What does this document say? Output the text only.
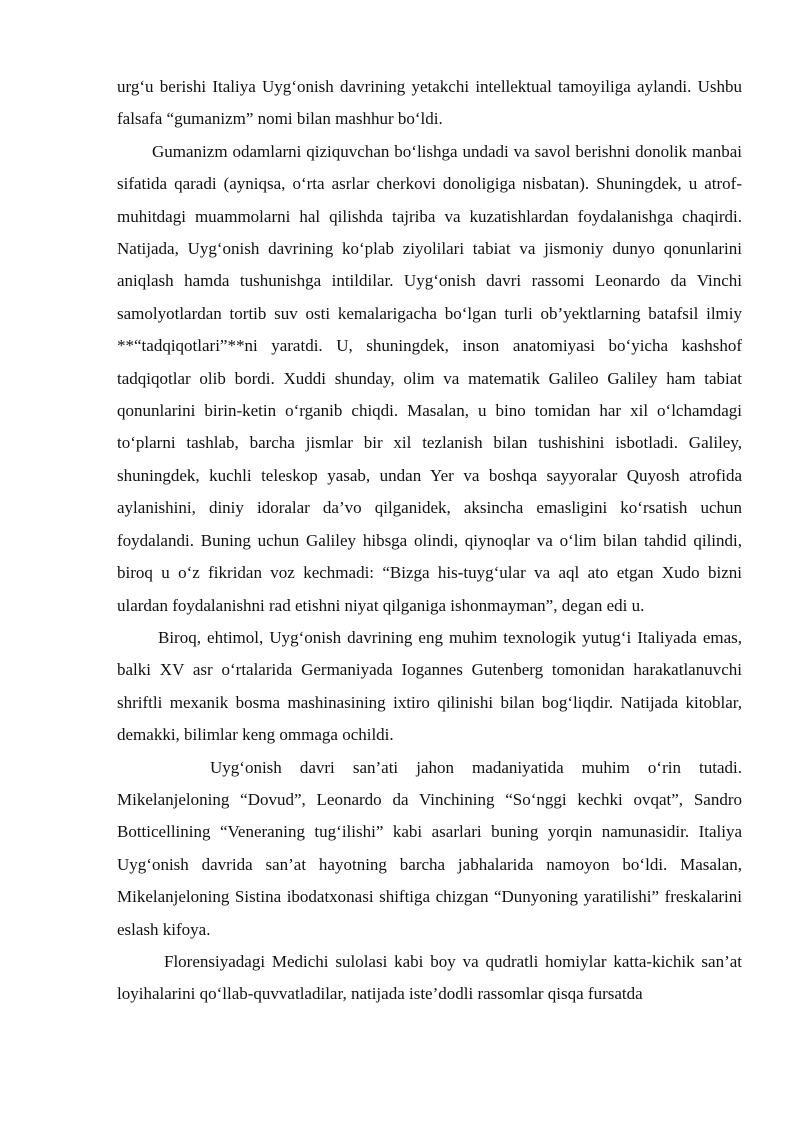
urg‘u berishi Italiya Uyg‘onish davrining yetakchi intellektual tamoyiliga aylandi. Ushbu falsafa “gumanizm” nomi bilan mashhur bo‘ldi.

Gumanizm odamlarni qiziquvchan bo‘lishga undadi va savol berishni donolik manbai sifatida qaradi (ayniqsa, o‘rta asrlar cherkovi donoligiga nisbatan). Shuningdek, u atrof-muhitdagi muammolarni hal qilishda tajriba va kuzatishlardan foydalanishga chaqirdi. Natijada, Uyg‘onish davrining ko‘plab ziyolilari tabiat va jismoniy dunyo qonunlarini aniqlash hamda tushunishga intildilar. Uyg‘onish davri rassomi Leonardo da Vinchi samolyotlardan tortib suv osti kemalarigacha bo‘lgan turli ob’yektlarning batafsil ilmiy **“tadqiqotlari”**ni yaratdi. U, shuningdek, inson anatomiyasi bo‘yicha kashshof tadqiqotlar olib bordi. Xuddi shunday, olim va matematik Galileo Galiley ham tabiat qonunlarini birin-ketin o‘rganib chiqdi. Masalan, u bino tomidan har xil o‘lchamdagi to‘plarni tashlab, barcha jismlar bir xil tezlanish bilan tushishini isbotladi. Galiley, shuningdek, kuchli teleskop yasab, undan Yer va boshqa sayyoralar Quyosh atrofida aylanishini, diniy idoralar da’vo qilganidek, aksincha emasligini ko‘rsatish uchun foydalandi. Buning uchun Galiley hibsga olindi, qiynoqlar va o‘lim bilan tahdid qilindi, biroq u o‘z fikridan voz kechmadi: “Bizga his-tuyg‘ular va aql ato etgan Xudo bizni ulardan foydalanishni rad etishni niyat qilganiga ishonmayman”, degan edi u.

Biroq, ehtimol, Uyg‘onish davrining eng muhim texnologik yutug‘i Italiyada emas, balki XV asr o‘rtalarida Germaniyada Iogannes Gutenberg tomonidan harakatlanuvchi shriftli mexanik bosma mashinasining ixtiro qilinishi bilan bog‘liqdir. Natijada kitoblar, demakki, bilimlar keng ommaga ochildi.

Uyg‘onish davri san’ati jahon madaniyatida muhim o‘rin tutadi. Mikelanjeloning “Dovud”, Leonardo da Vinchining “So‘nggi kechki ovqat”, Sandro Botticellining “Veneraning tug‘ilishi” kabi asarlari buning yorqin namunasidir. Italiya Uyg‘onish davrida san’at hayotning barcha jabhalarida namoyon bo‘ldi. Masalan, Mikelanjeloning Sistina ibodatxonasi shiftiga chizgan “Dunyoning yaratilishi” freskalarini eslash kifoya.

Florensiyadagi Medichi sulolasi kabi boy va qudratli homiylar katta-kichik san’at loyihalarini qo‘llab-quvvatladilar, natijada iste’dodli rassomlar qisqa fursatda
